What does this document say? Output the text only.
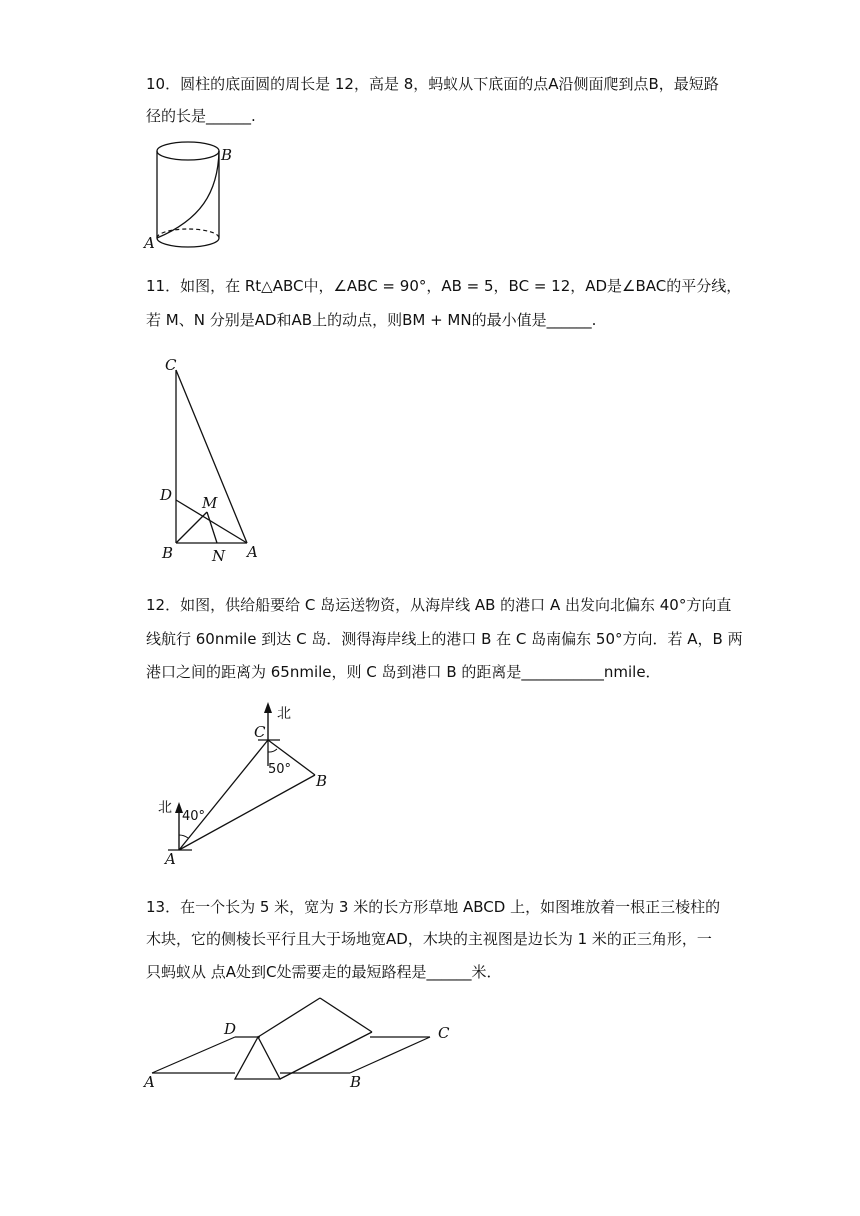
10．圆柱的底面圆的周长是 12，高是 8，蚂蚁从下底面的点A沿侧面爬到点B，最短路
径的长是______.
B
A
11．如图，在 Rt△ABC中，∠ABC = 90°，AB = 5，BC = 12，AD是∠BAC的平分线，
若 M、N 分别是AD和AB上的动点，则BM + MN的最小值是______.
C
D M
B	N A
12．如图，供给船要给 C 岛运送物资，从海岸线 AB 的港口 A 出发向北偏东 40°方向直
线航行 60nmile 到达 C 岛．测得海岸线上的港口 B 在 C 岛南偏东 50°方向．若 A，B 两
港口之间的距离为 65nmile，则 C 岛到港口 B 的距离是___________nmile．
北
北
C
B
A
50°
40°
13．在一个长为 5 米，宽为 3 米的长方形草地 ABCD 上，如图堆放着一根正三棱柱的
木块，它的侧棱长平行且大于场地宽AD，木块的主视图是边长为 1 米的正三角形，一
只蚂蚁从 点A处到C处需要走的最短路程是______米．
D	C
A	B
